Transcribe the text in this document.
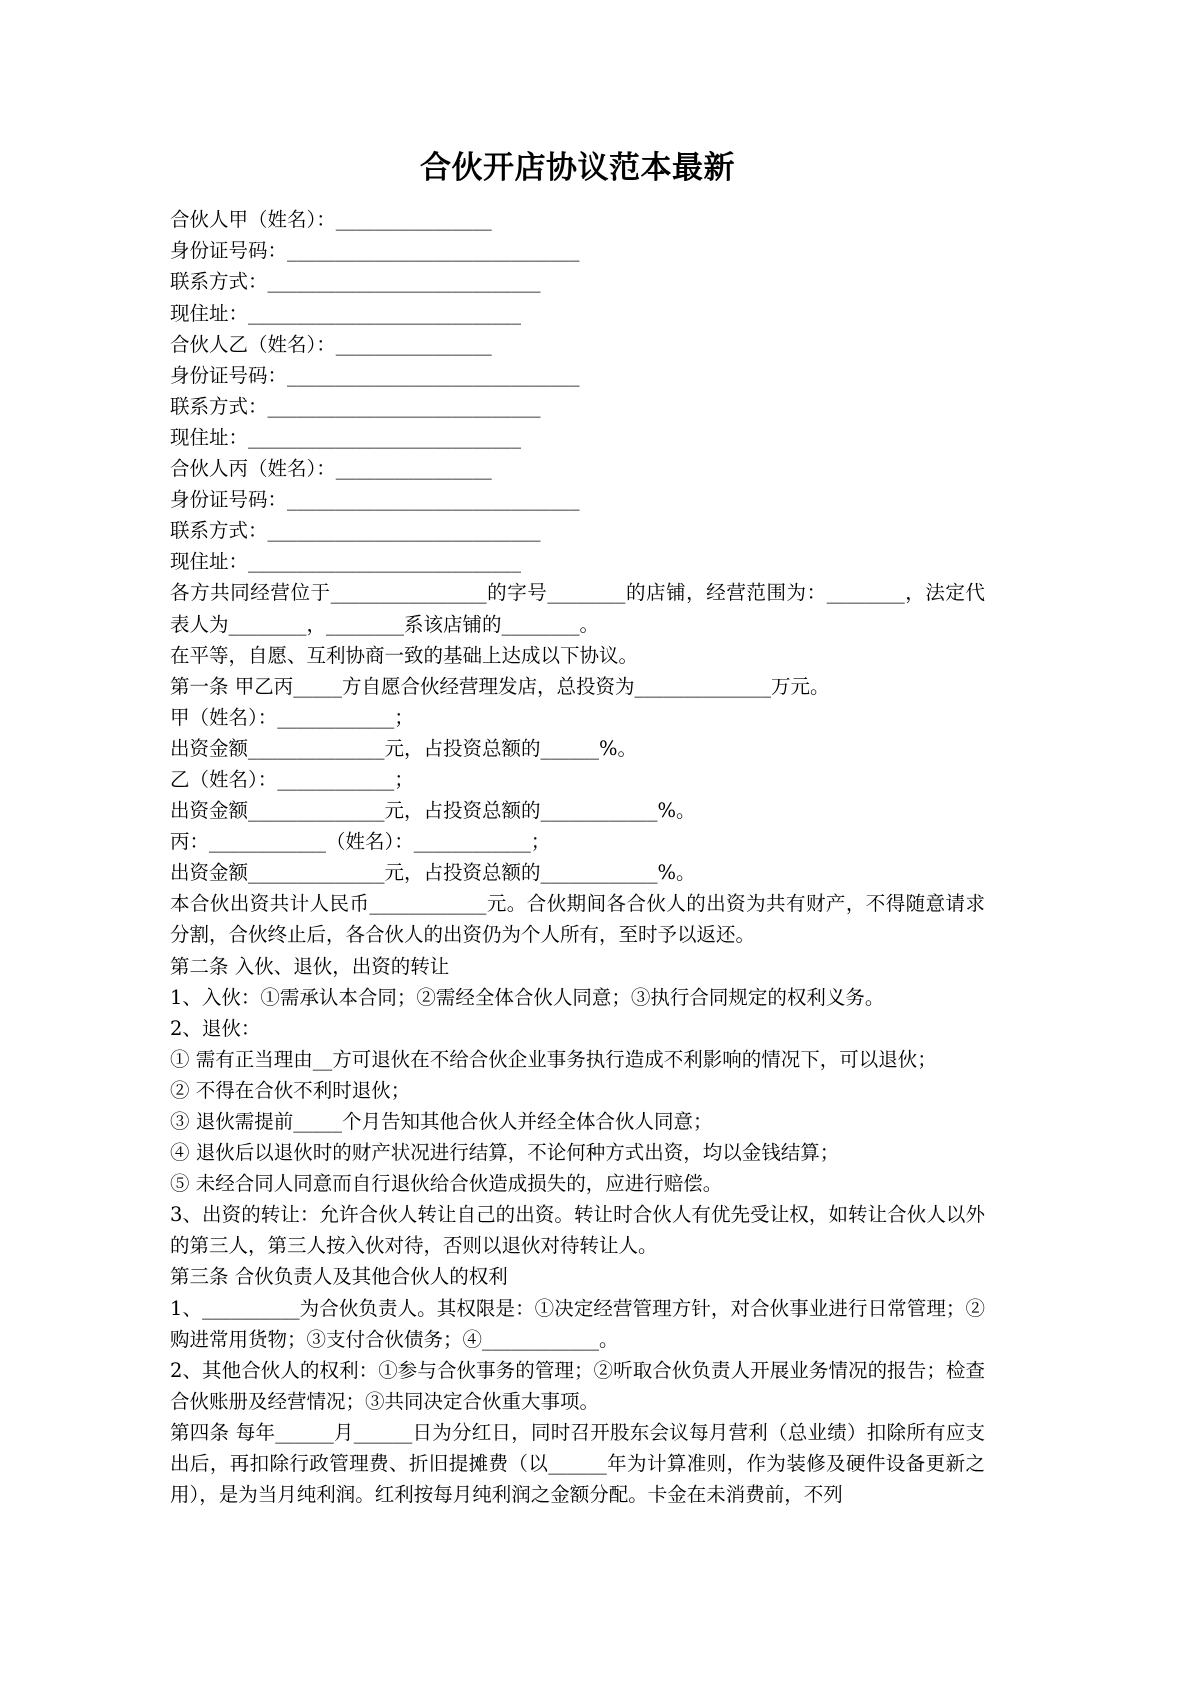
合伙开店协议范本最新

合伙人甲（姓名）：________________

身份证号码：______________________________

联系方式：____________________________

现住址：____________________________

合伙人乙（姓名）：________________

身份证号码：______________________________

联系方式：____________________________

现住址：____________________________

合伙人丙（姓名）：________________

身份证号码：______________________________

联系方式：____________________________

现住址：____________________________

各方共同经营位于________________的字号________的店铺，经营范围为：________，法定代表人为________，________系该店铺的________。

在平等，自愿、互利协商一致的基础上达成以下协议。

第一条 甲乙丙_____方自愿合伙经营理发店，总投资为______________万元。

甲（姓名）：____________；

出资金额______________元，占投资总额的______%。

乙（姓名）：____________；

出资金额______________元，占投资总额的____________%。

丙：____________（姓名）：____________；

出资金额______________元，占投资总额的____________%。

本合伙出资共计人民币____________元。合伙期间各合伙人的出资为共有财产，不得随意请求分割，合伙终止后，各合伙人的出资仍为个人所有，至时予以返还。

第二条 入伙、退伙，出资的转让

1、入伙：①需承认本合同；②需经全体合伙人同意；③执行合同规定的权利义务。

2、退伙：

① 需有正当理由__方可退伙在不给合伙企业事务执行造成不利影响的情况下，可以退伙；

② 不得在合伙不利时退伙；

③ 退伙需提前_____个月告知其他合伙人并经全体合伙人同意；

④ 退伙后以退伙时的财产状况进行结算，不论何种方式出资，均以金钱结算；

⑤ 未经合同人同意而自行退伙给合伙造成损失的，应进行赔偿。

3、出资的转让：允许合伙人转让自己的出资。转让时合伙人有优先受让权，如转让合伙人以外的第三人，第三人按入伙对待，否则以退伙对待转让人。

第三条 合伙负责人及其他合伙人的权利

1、__________为合伙负责人。其权限是：①决定经营管理方针，对合伙事业进行日常管理；②购进常用货物；③支付合伙债务；④____________。

2、其他合伙人的权利：①参与合伙事务的管理；②听取合伙负责人开展业务情况的报告；检查合伙账册及经营情况；③共同决定合伙重大事项。

第四条 每年______月______日为分红日，同时召开股东会议每月营利（总业绩）扣除所有应支出后，再扣除行政管理费、折旧提摊费（以______年为计算准则，作为装修及硬件设备更新之用），是为当月纯利润。红利按每月纯利润之金额分配。卡金在未消费前，不列
